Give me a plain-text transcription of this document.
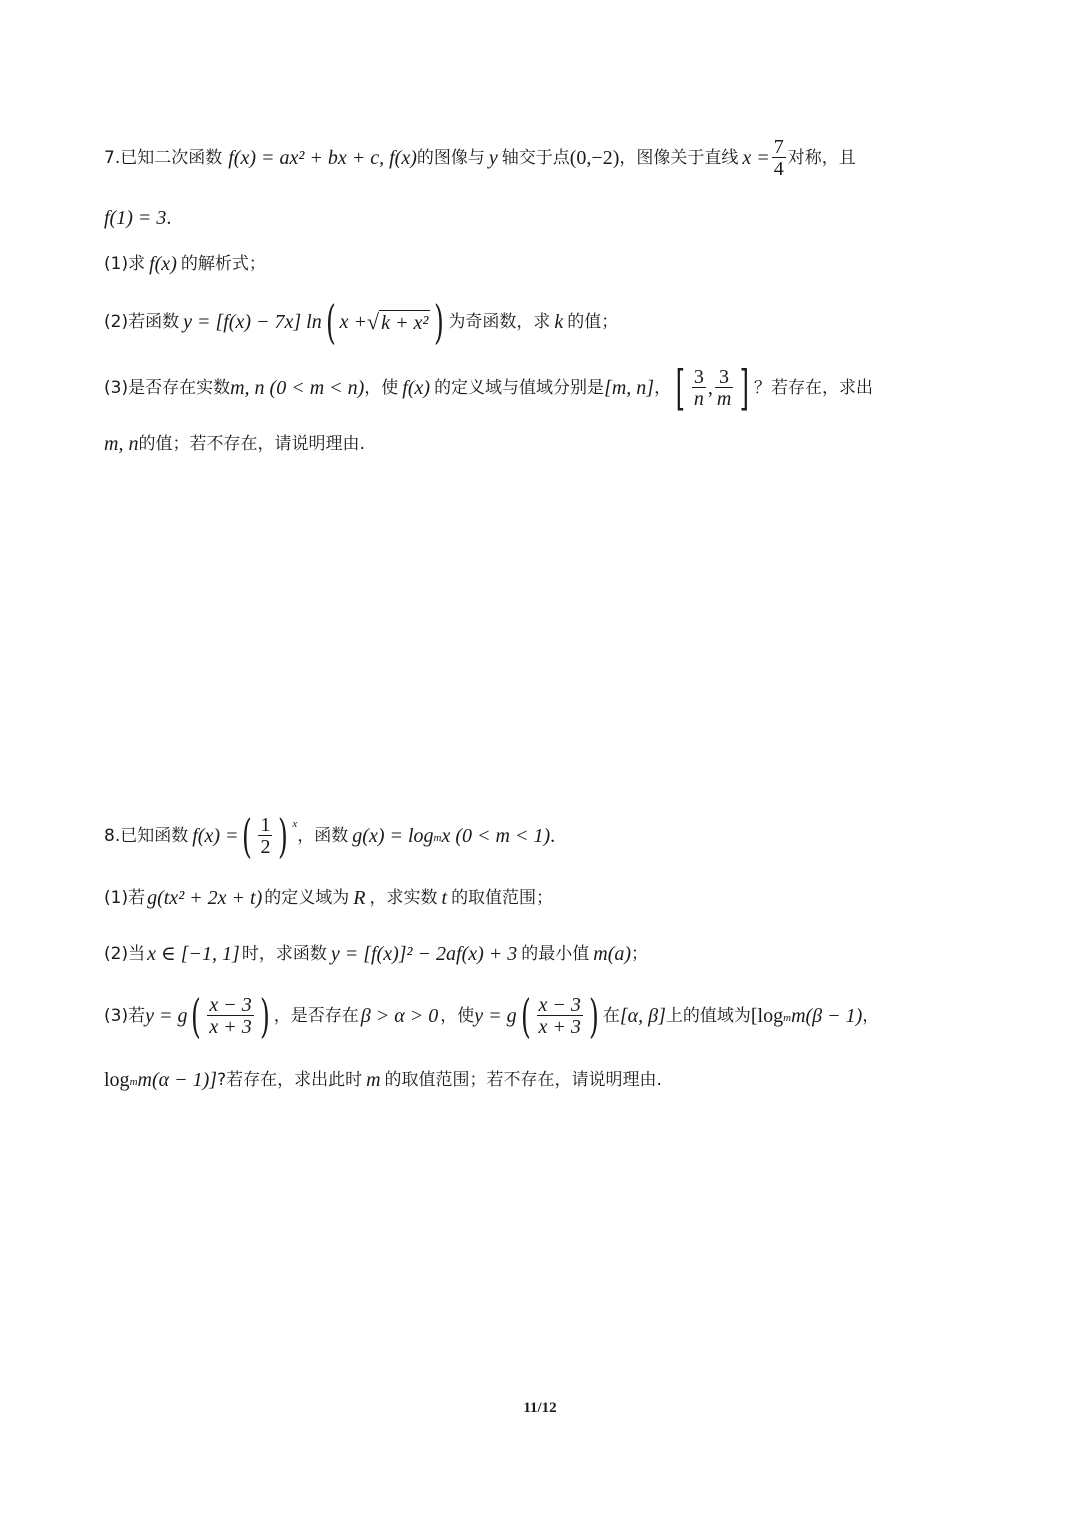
7.已知二次函数 f(x) = ax² + bx + c, f(x) 的图像与 y 轴交于点 (0,−2) ，图像关于直线 $x = \frac{7}{4}$ 对称，且
f(1) = 3 .
(1)求 f(x) 的解析式；
(2)若函数 y = [f(x) − 7x] ln ( x + √ k + x² ) 为奇函数，求 k 的值；
(3)是否存在实数 m, n (0 < m < n) ，使 f(x) 的定义域与值域分别是 [m, n] ， [ $\frac{3}{n}$ , $\frac{3}{m}$ ] ？若存在，求出
m, n 的值；若不存在，请说明理由.
8.已知函数 f(x) = ( $\frac{1}{2}$ ) x
，函数 g(x) = log m x (0 < m < 1) .
(1)若 g(tx² + 2x + t) 的定义域为 R ，求实数 t 的取值范围；
(2)当 x ∈ [−1, 1] 时，求函数 y = [f(x)]² − 2af(x) + 3 的最小值 m(a) ；
(3)若 y = g ( $\frac{x - 3}{x + 3}$ ) ，是否存在 β > α > 0 ，使 y = g ( $\frac{x - 3}{x + 3}$ ) 在 [α, β] 上的值域为 [log m m(β − 1) ，
log m m(α − 1)] ?若存在，求出此时 m 的取值范围；若不存在，请说明理由.
11/12
